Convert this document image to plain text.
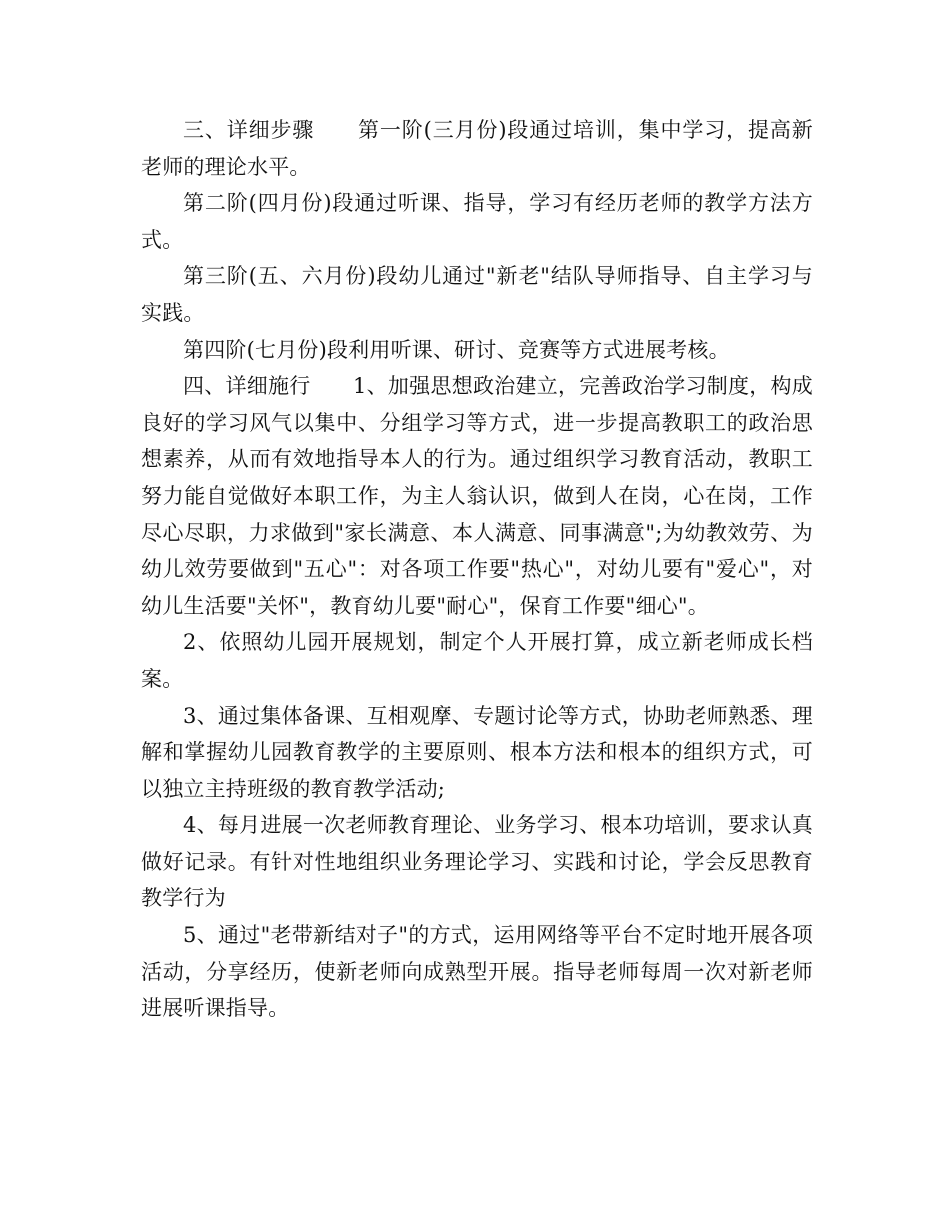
三、详细步骤　　第一阶(三月份)段通过培训，集中学习，提高新老师的理论水平。

第二阶(四月份)段通过听课、指导，学习有经历老师的教学方法方式。

第三阶(五、六月份)段幼儿通过"新老"结队导师指导、自主学习与实践。

第四阶(七月份)段利用听课、研讨、竞赛等方式进展考核。

四、详细施行　　1、加强思想政治建立，完善政治学习制度，构成良好的学习风气以集中、分组学习等方式，进一步提高教职工的政治思想素养，从而有效地指导本人的行为。通过组织学习教育活动，教职工努力能自觉做好本职工作，为主人翁认识，做到人在岗，心在岗，工作尽心尽职，力求做到"家长满意、本人满意、同事满意";为幼教效劳、为幼儿效劳要做到"五心"：对各项工作要"热心"，对幼儿要有"爱心"，对幼儿生活要"关怀"，教育幼儿要"耐心"，保育工作要"细心"。

2、依照幼儿园开展规划，制定个人开展打算，成立新老师成长档案。

3、通过集体备课、互相观摩、专题讨论等方式，协助老师熟悉、理解和掌握幼儿园教育教学的主要原则、根本方法和根本的组织方式，可以独立主持班级的教育教学活动;

4、每月进展一次老师教育理论、业务学习、根本功培训，要求认真做好记录。有针对性地组织业务理论学习、实践和讨论，学会反思教育教学行为

5、通过"老带新结对子"的方式，运用网络等平台不定时地开展各项活动，分享经历，使新老师向成熟型开展。指导老师每周一次对新老师进展听课指导。
